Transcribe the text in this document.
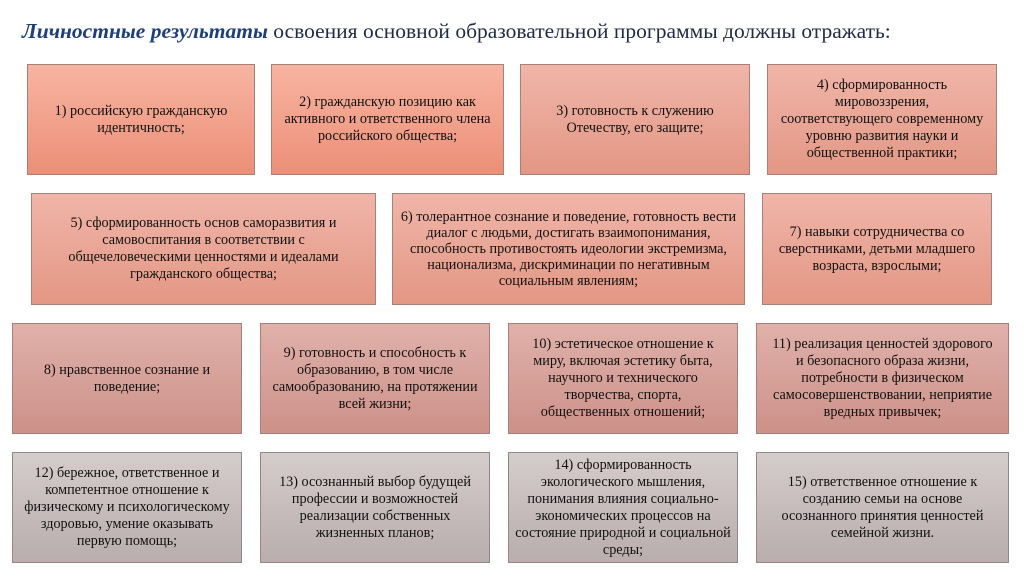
Личностные результаты освоения основной образовательной программы должны отражать:
1) российскую гражданскую идентичность;
2) гражданскую позицию как активного и ответственного члена российского общества;
3) готовность к служению Отечеству, его защите;
4) сформированность мировоззрения, соответствующего современному уровню развития науки и общественной практики;
5) сформированность основ саморазвития и самовоспитания в соответствии с общечеловеческими ценностями и идеалами гражданского общества;
6) толерантное сознание и поведение, готовность вести диалог с людьми, достигать взаимопонимания, способность противостоять идеологии экстремизма, национализма, дискриминации по негативным социальным явлениям;
7) навыки сотрудничества со сверстниками, детьми младшего возраста, взрослыми;
8) нравственное сознание и поведение;
9) готовность и способность к образованию, в том числе самообразованию, на протяжении всей жизни;
10) эстетическое отношение к миру, включая эстетику быта, научного и технического творчества, спорта, общественных отношений;
11) реализация ценностей здорового и безопасного образа жизни, потребности в физическом самосовершенствовании, неприятие вредных привычек;
12) бережное, ответственное и компетентное отношение к физическому и психологическому здоровью, умение оказывать первую помощь;
13) осознанный выбор будущей профессии и возможностей реализации собственных жизненных планов;
14) сформированность экологического мышления, понимания влияния социально-экономических процессов на состояние природной и социальной среды;
15) ответственное отношение к созданию семьи на основе осознанного принятия ценностей семейной жизни.
